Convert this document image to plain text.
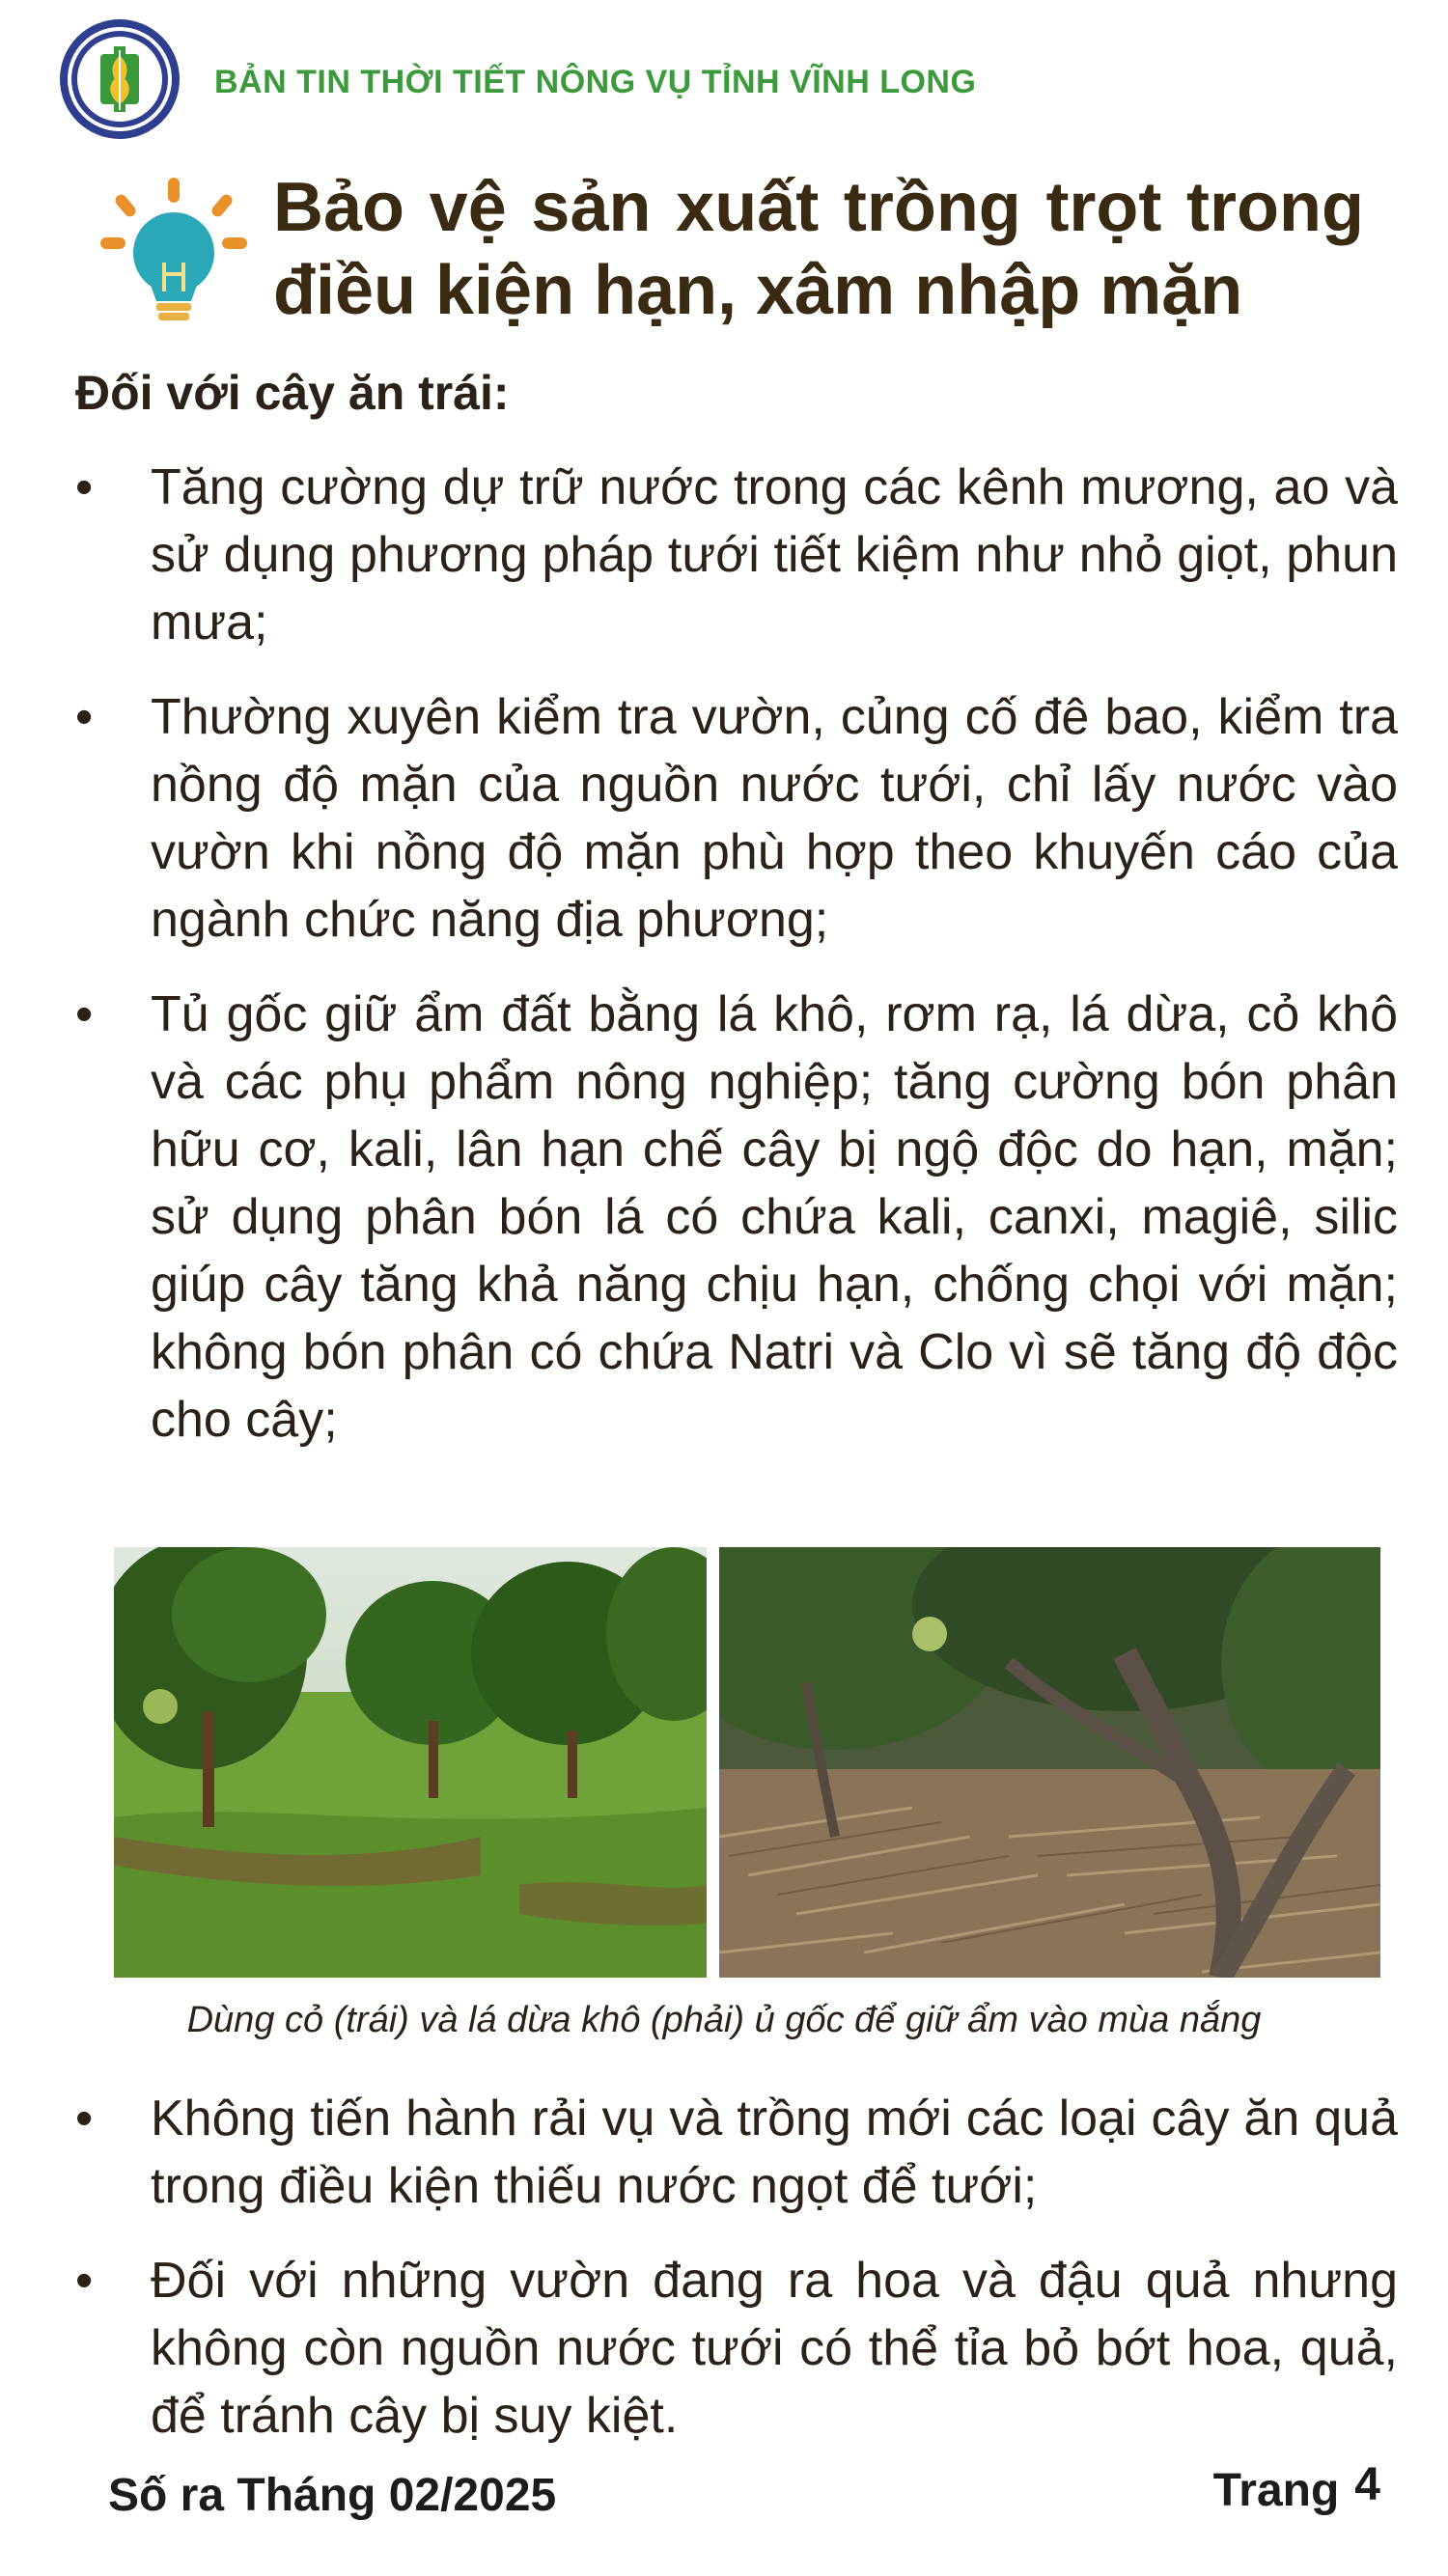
BẢN TIN THỜI TIẾT NÔNG VỤ TỈNH VĨNH LONG
Bảo vệ sản xuất trồng trọt trong
điều kiện hạn, xâm nhập mặn
Đối với cây ăn trái:
• Tăng cường dự trữ nước trong các kênh mương, ao và sử dụng phương pháp tưới tiết kiệm như nhỏ giọt, phun mưa;
• Thường xuyên kiểm tra vườn, củng cố đê bao, kiểm tra nồng độ mặn của nguồn nước tưới, chỉ lấy nước vào vườn khi nồng độ mặn phù hợp theo khuyến cáo của ngành chức năng địa phương;
• Tủ gốc giữ ẩm đất bằng lá khô, rơm rạ, lá dừa, cỏ khô và các phụ phẩm nông nghiệp; tăng cường bón phân hữu cơ, kali, lân hạn chế cây bị ngộ độc do hạn, mặn; sử dụng phân bón lá có chứa kali, canxi, magiê, silic giúp cây tăng khả năng chịu hạn, chống chọi với mặn; không bón phân có chứa Natri và Clo vì sẽ tăng độ độc cho cây;
Dùng cỏ (trái) và lá dừa khô (phải) ủ gốc để giữ ẩm vào mùa nắng
• Không tiến hành rải vụ và trồng mới các loại cây ăn quả trong điều kiện thiếu nước ngọt để tưới;
• Đối với những vườn đang ra hoa và đậu quả nhưng không còn nguồn nước tưới có thể tỉa bỏ bớt hoa, quả, để tránh cây bị suy kiệt.
Số ra Tháng 02/2025	Trang 4
